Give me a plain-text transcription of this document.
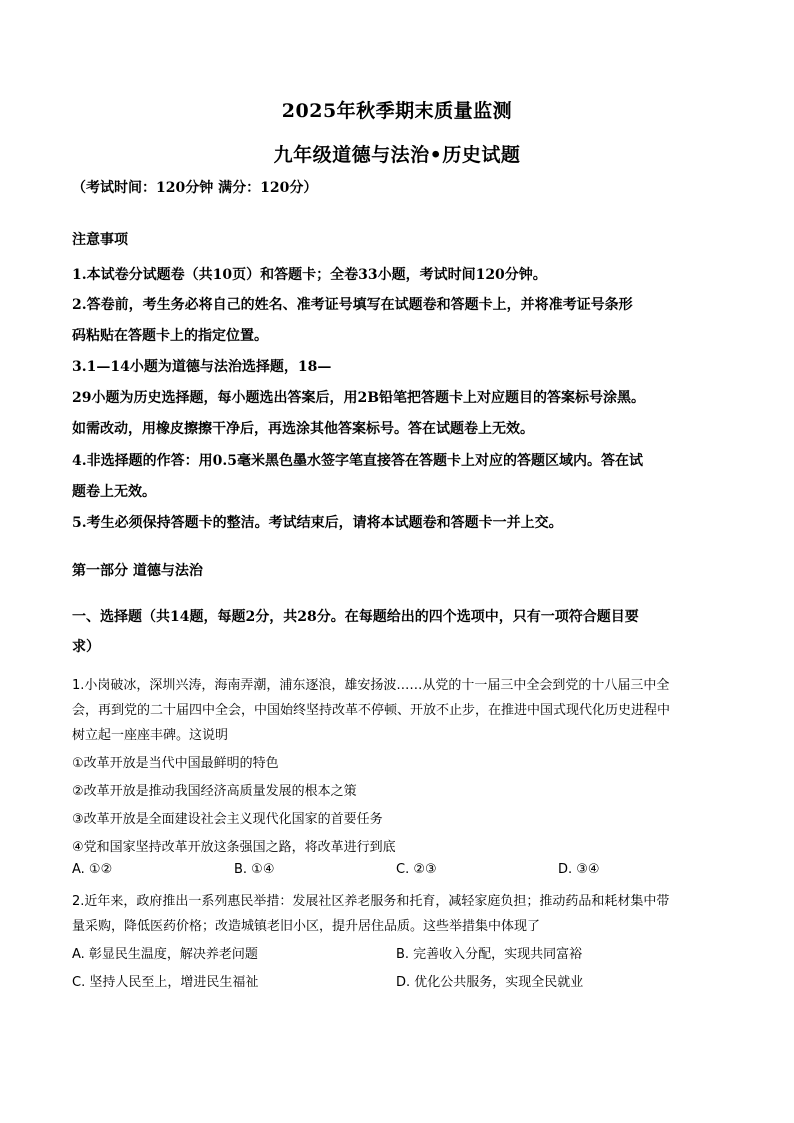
2025年秋季期末质量监测
九年级道德与法治•历史试题
（考试时间：120分钟 满分：120分）
注意事项
1.本试卷分试题卷（共10页）和答题卡；全卷33小题，考试时间120分钟。
2.答卷前，考生务必将自己的姓名、准考证号填写在试题卷和答题卡上，并将准考证号条形
码粘贴在答题卡上的指定位置。
3.1—14小题为道德与法治选择题，18—
29小题为历史选择题，每小题选出答案后，用2B铅笔把答题卡上对应题目的答案标号涂黑。
如需改动，用橡皮擦擦干净后，再选涂其他答案标号。答在试题卷上无效。
4.非选择题的作答：用0.5毫米黑色墨水签字笔直接答在答题卡上对应的答题区域内。答在试
题卷上无效。
5.考生必须保持答题卡的整洁。考试结束后，请将本试题卷和答题卡一并上交。
第一部分 道德与法治
一、选择题（共14题，每题2分，共28分。在每题给出的四个选项中，只有一项符合题目要
求）
1.小岗破冰，深圳兴涛，海南弄潮，浦东逐浪，雄安扬波……从党的十一届三中全会到党的十八届三中全
会，再到党的二十届四中全会，中国始终坚持改革不停顿、开放不止步，在推进中国式现代化历史进程中
树立起一座座丰碑。这说明
①改革开放是当代中国最鲜明的特色
②改革开放是推动我国经济高质量发展的根本之策
③改革开放是全面建设社会主义现代化国家的首要任务
④党和国家坚持改革开放这条强国之路，将改革进行到底
A. ①②	B. ①④	C. ②③	D. ③④
2.近年来，政府推出一系列惠民举措：发展社区养老服务和托育，减轻家庭负担；推动药品和耗材集中带
量采购，降低医药价格；改造城镇老旧小区，提升居住品质。这些举措集中体现了
A. 彰显民生温度，解决养老问题	B. 完善收入分配，实现共同富裕
C. 坚持人民至上，增进民生福祉	D. 优化公共服务，实现全民就业
